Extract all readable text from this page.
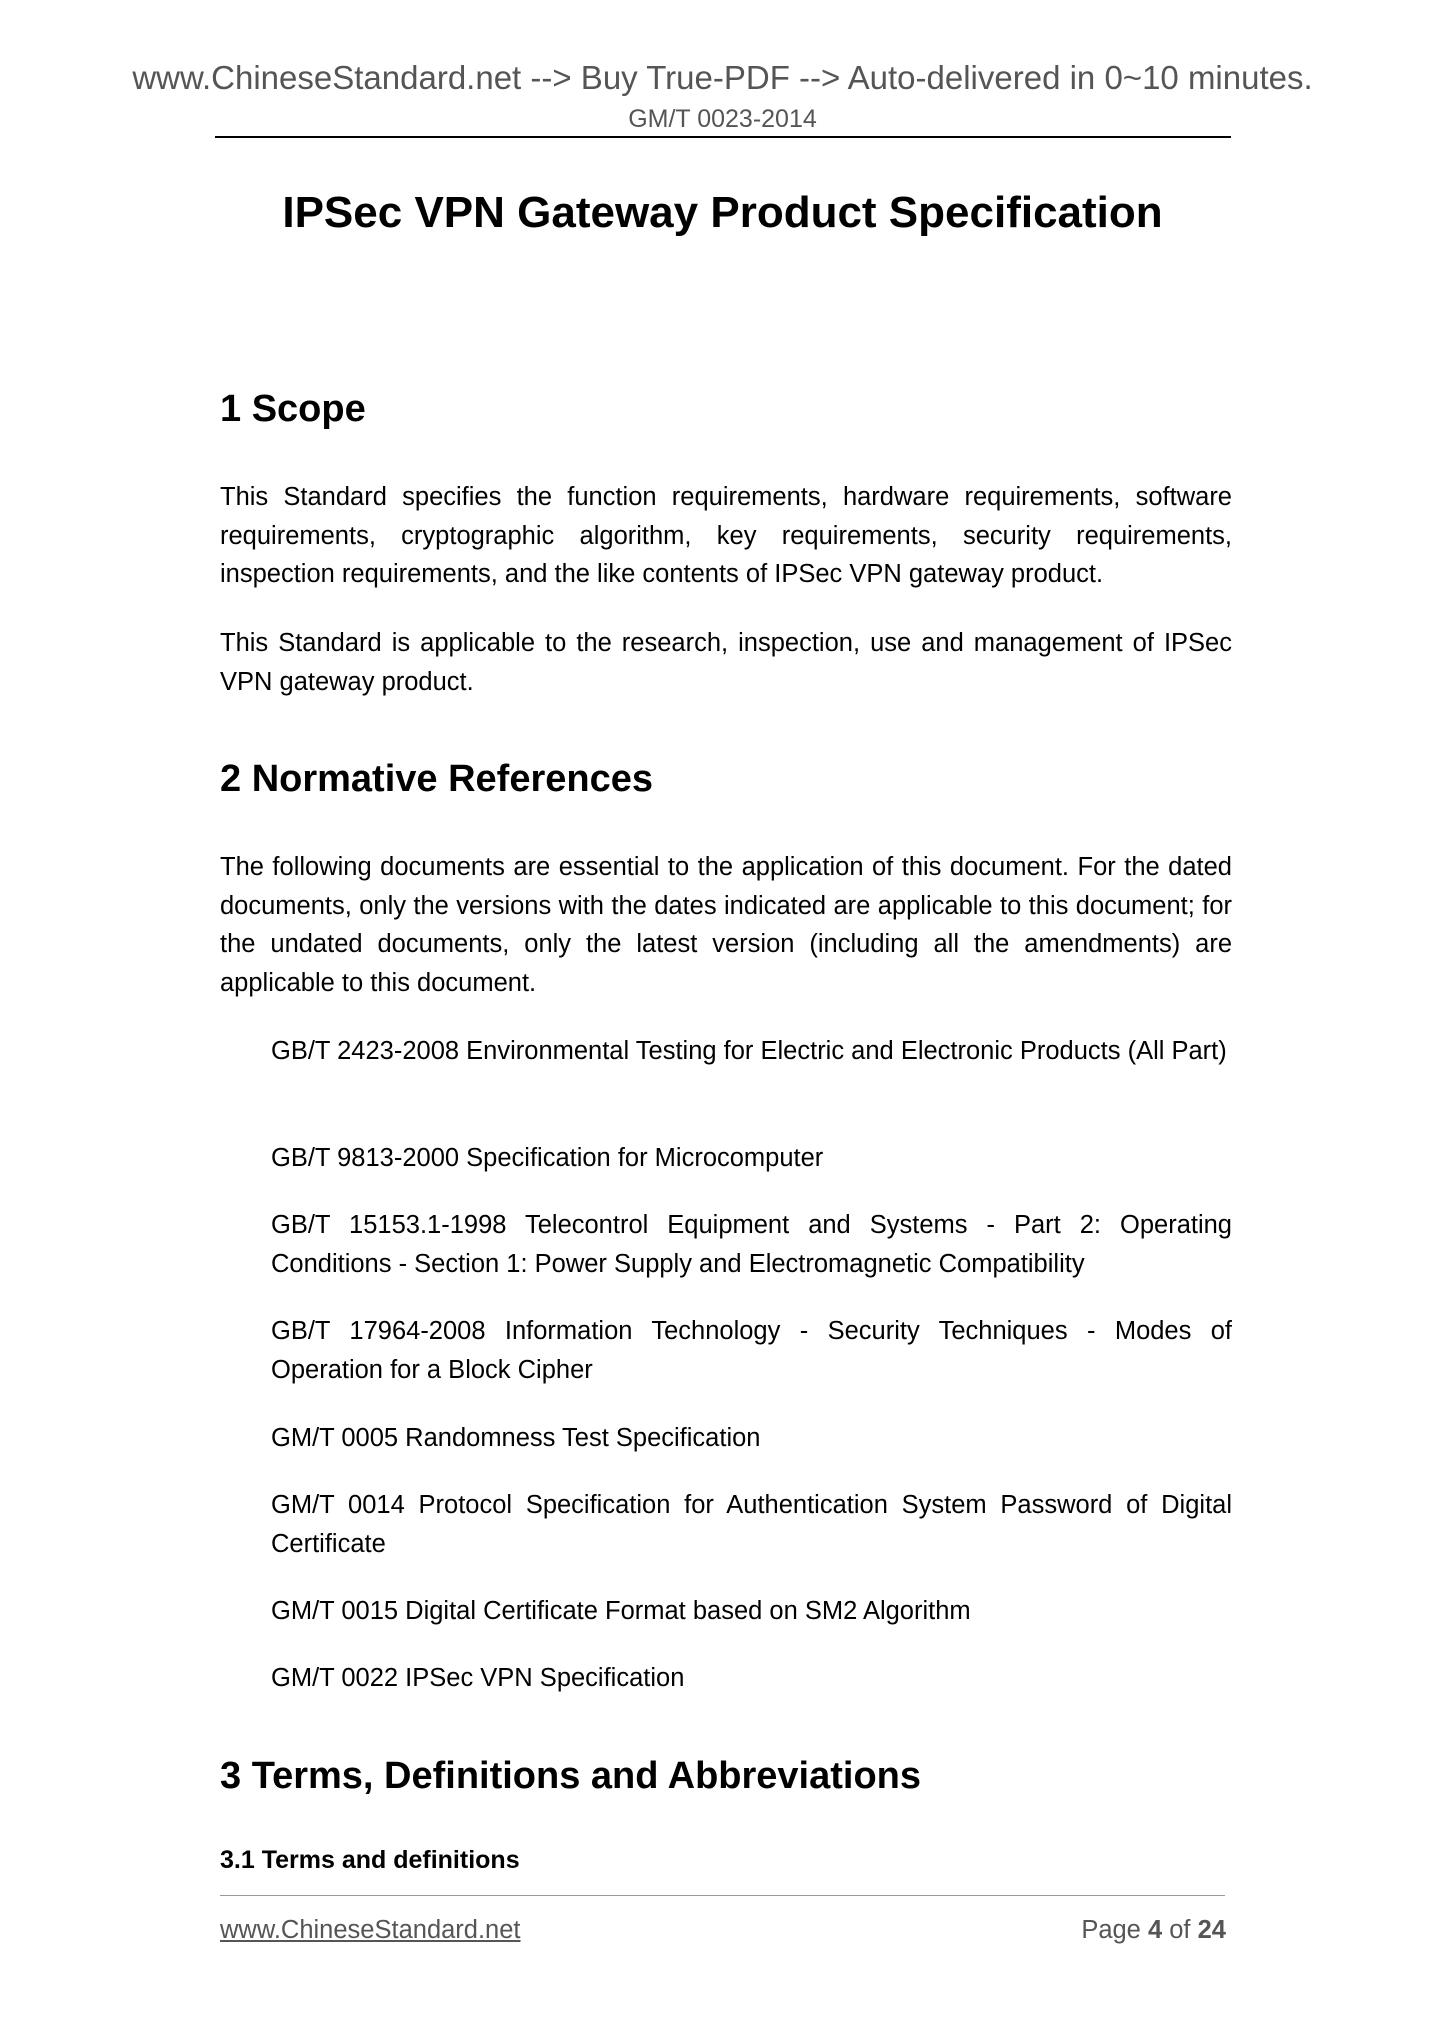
www.ChineseStandard.net --> Buy True-PDF --> Auto-delivered in 0~10 minutes.
GM/T 0023-2014
IPSec VPN Gateway Product Specification
1 Scope

This Standard specifies the function requirements, hardware requirements, software requirements, cryptographic algorithm, key requirements, security requirements, inspection requirements, and the like contents of IPSec VPN gateway product.

This Standard is applicable to the research, inspection, use and management of IPSec VPN gateway product.

2 Normative References

The following documents are essential to the application of this document. For the dated documents, only the versions with the dates indicated are applicable to this document; for the undated documents, only the latest version (including all the amendments) are applicable to this document.

GB/T 2423-2008 Environmental Testing for Electric and Electronic Products (All Part)

GB/T 9813-2000 Specification for Microcomputer

GB/T 15153.1-1998 Telecontrol Equipment and Systems - Part 2: Operating Conditions - Section 1: Power Supply and Electromagnetic Compatibility

GB/T 17964-2008 Information Technology - Security Techniques - Modes of Operation for a Block Cipher

GM/T 0005 Randomness Test Specification

GM/T 0014 Protocol Specification for Authentication System Password of Digital Certificate

GM/T 0015 Digital Certificate Format based on SM2 Algorithm

GM/T 0022 IPSec VPN Specification

3 Terms, Definitions and Abbreviations
3.1 Terms and definitions
www.ChineseStandard.net	Page 4 of 24
